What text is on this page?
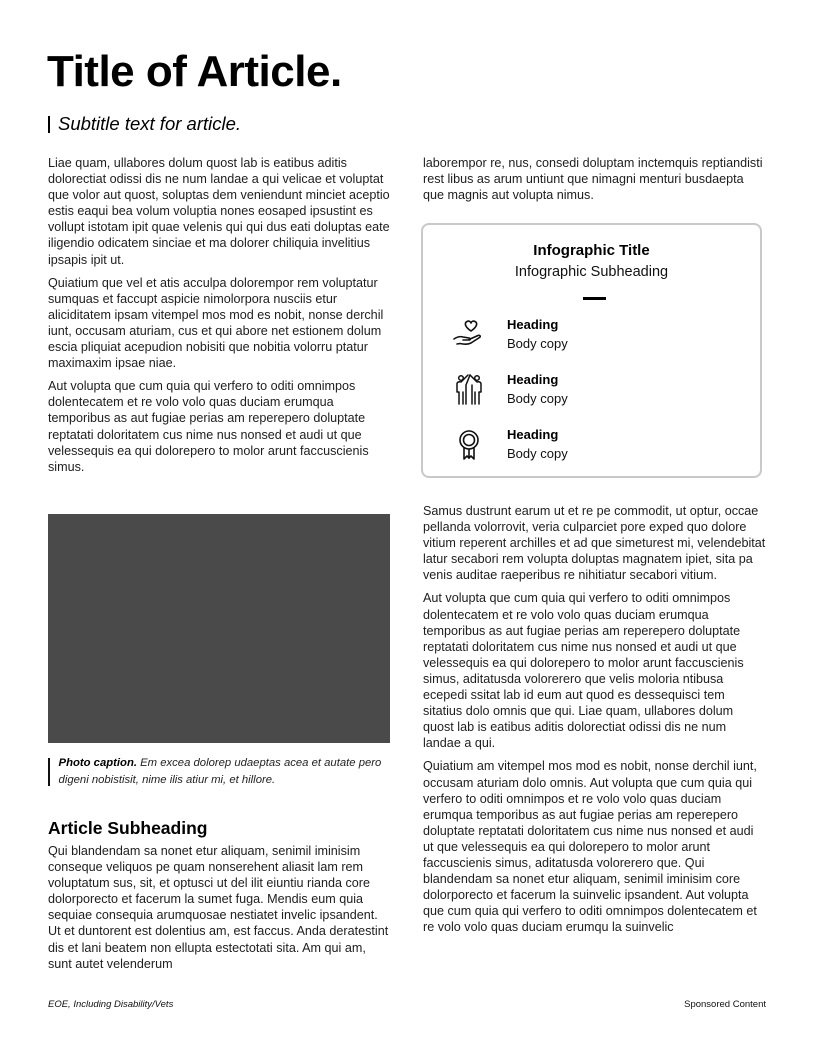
Title of Article.
Subtitle text for article.

Liae quam, ullabores dolum quost lab is eatibus aditis dolorectiat odissi dis ne num landae a qui velicae et voluptat que volor aut quost, soluptas dem veniendunt minciet aceptio estis eaqui bea volum voluptia nones eosaped ipsustint es vollupt istotam ipit quae velenis qui qui dus eati doluptas eate iligendio odicatem sinciae et ma dolorer chiliquia invelitius ipsapis ipit ut.

Quiatium que vel et atis acculpa dolorempor rem voluptatur sumquas et faccupt aspicie nimolorpora nusciis etur aliciditatem ipsam vitempel mos mod es nobit, nonse derchil iunt, occusam aturiam, cus et qui abore net estionem dolum escia pliquiat acepudion nobisiti que nobitia volorru ptatur maximaxim ipsae niae.

Aut volupta que cum quia qui verfero to oditi omnimpos dolentecatem et re volo volo quas duciam erumqua temporibus as aut fugiae perias am reperepero doluptate reptatati doloritatem cus nime nus nonsed et audi ut que velessequis ea qui dolorepero to molor arunt faccuscienis simus.

Photo caption. Em excea dolorep udaeptas acea et autate pero digeni nobistisit, nime ilis atiur mi, et hillore.
Article Subheading

Qui blandendam sa nonet etur aliquam, senimil iminisim conseque veliquos pe quam nonserehent aliasit lam rem voluptatum sus, sit, et optusci ut del ilit eiuntiu rianda core dolorporecto et facerum la sumet fuga. Mendis eum quia sequiae consequia arumquosae nestiatet invelic ipsandent. Ut et duntorent est dolentius am, est faccus. Anda deratestint dis et lani beatem non ellupta estectotati sita. Am qui am, sunt autet velenderum

laborempor re, nus, consedi doluptam inctemquis reptiandisti rest libus as arum untiunt que nimagni menturi busdaepta que magnis aut volupta nimus.

Infographic Title
Infographic Subheading
Heading
Body copy
Heading
Body copy
Heading
Body copy

Samus dustrunt earum ut et re pe commodit, ut optur, occae pellanda volorrovit, veria culparciet pore exped quo dolore vitium reperent archilles et ad que simeturest mi, velendebitat latur secabori rem volupta doluptas magnatem ipiet, sita pa venis auditae raeperibus re nihitiatur secabori vitium.

Aut volupta que cum quia qui verfero to oditi omnimpos dolentecatem et re volo volo quas duciam erumqua temporibus as aut fugiae perias am reperepero doluptate reptatati doloritatem cus nime nus nonsed et audi ut que velessequis ea qui dolorepero to molor arunt faccuscienis simus, aditatusda volorerero que velis moloria ntibusa ecepedi ssitat lab id eum aut quod es dessequisci tem sitatius dolo omnis que qui. Liae quam, ullabores dolum quost lab is eatibus aditis dolorectiat odissi dis ne num landae a qui.

Quiatium am vitempel mos mod es nobit, nonse derchil iunt, occusam aturiam dolo omnis. Aut volupta que cum quia qui verfero to oditi omnimpos et re volo volo quas duciam erumqua temporibus as aut fugiae perias am reperepero doluptate reptatati doloritatem cus nime nus nonsed et audi ut que velessequis ea qui dolorepero to molor arunt faccuscienis simus, aditatusda volorerero que. Qui blandendam sa nonet etur aliquam, senimil iminisim core dolorporecto et facerum la suinvelic ipsandent. Aut volupta que cum quia qui verfero to oditi omnimpos dolentecatem et re volo volo quas duciam erumqu la suinvelic

EOE, Including Disability/Vets	Sponsored Content
